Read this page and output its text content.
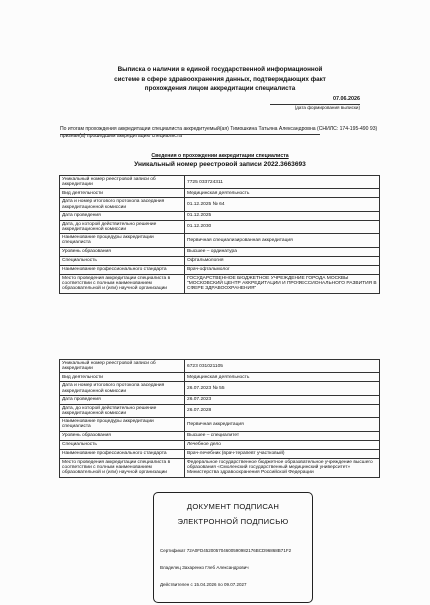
Выписка о наличии в единой государственной информационной
системе в сфере здравоохранения данных, подтверждающих факт
прохождения лицом аккредитации специалиста
07.06.2026
(дата формирования выписки)
По итогам прохождения аккредитации специалиста аккредитуемый(ая) Тимошкина Татьяна Александровна (СНИЛС: 174-195-490 93) признан(а) прошедшим аккредитацию специалиста
Сведения о прохождении аккредитации специалиста
Уникальный номер реестровой записи 2022.3663693
Уникальный номер реестровой записи об аккредитации	7725 033724311
Вид деятельности	Медицинская деятельность
Дата и номер итогового протокола заседания аккредитационной комиссии	01.12.2025 № 64
Дата проведения	01.12.2025
Дата, до которой действительно решение аккредитационной комиссии	01.12.2030
Наименование процедуры аккредитации специалиста	Первичная специализированная аккредитация
Уровень образования	Высшее – ординатура
Специальность	Офтальмология
Наименование профессионального стандарта	Врач-офтальмолог
Место проведения аккредитации специалиста в соответствии с полным наименованием образовательной и (или) научной организации	ГОСУДАРСТВЕННОЕ БЮДЖЕТНОЕ УЧРЕЖДЕНИЕ ГОРОДА МОСКВЫ "МОСКОВСКИЙ ЦЕНТР АККРЕДИТАЦИИ И ПРОФЕССИОНАЛЬНОГО РАЗВИТИЯ В СФЕРЕ ЗДРАВООХРАНЕНИЯ"
Уникальный номер реестровой записи об аккредитации	6723 031021105
Вид деятельности	Медицинская деятельность
Дата и номер итогового протокола заседания аккредитационной комиссии	26.07.2023 № 55
Дата проведения	26.07.2023
Дата, до которой действительно решение аккредитационной комиссии	26.07.2028
Наименование процедуры аккредитации специалиста	Первичная аккредитация
Уровень образования	Высшее – специалитет
Специальность	Лечебное дело
Наименование профессионального стандарта	Врач-лечебник (врач-терапевт участковый)
Место проведения аккредитации специалиста в соответствии с полным наименованием образовательной и (или) научной организации	Федеральное государственное бюджетное образовательное учреждение высшего образования «Смоленский государственный медицинский университет» Министерства здравоохранения Российской Федерации
ДОКУМЕНТ ПОДПИСАН
ЭЛЕКТРОННОЙ ПОДПИСЬЮ
Сертификат 72A0FD452005704600590982176BCD96868B71F2
Владелец Захаренко Глеб Александрович
Действителен с 15.04.2026 по 09.07.2027
